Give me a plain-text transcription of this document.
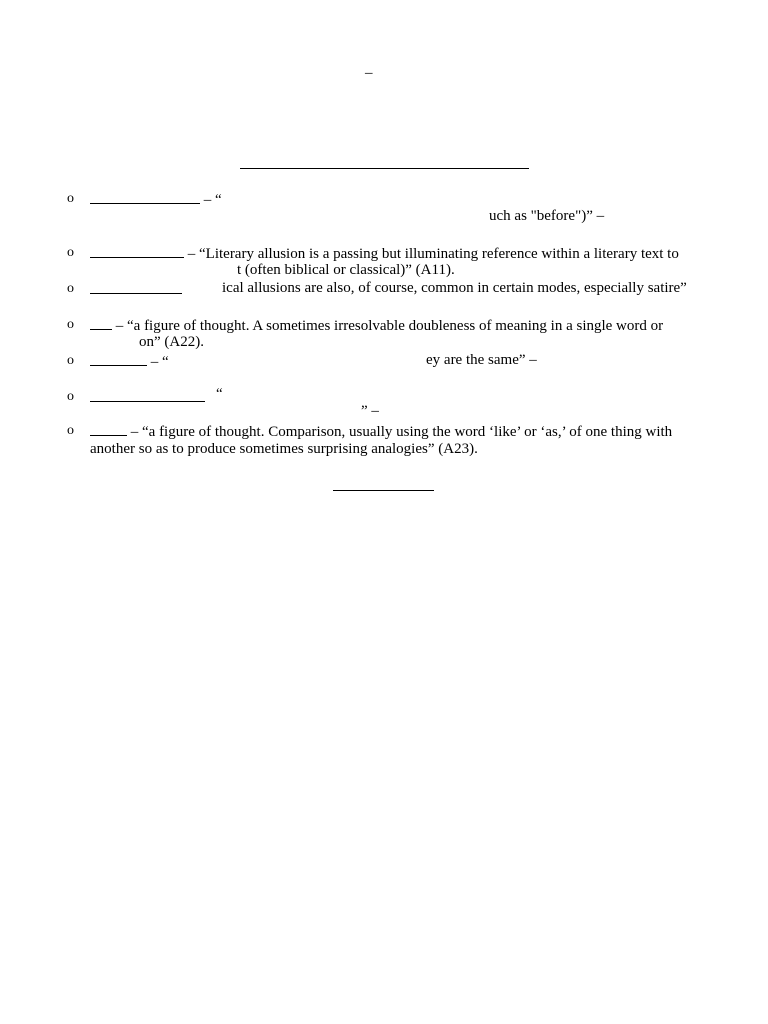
–
o	– “
uch as "before")” –
o	– “Literary allusion is a passing but illuminating reference within a literary text to
t (often biblical or classical)” (A11).
o	ical allusions are also, of course, common in certain modes, especially satire”
o	– “a figure of thought. A sometimes irresolvable doubleness of meaning in a single word or
on” (A22).
o	– “	ey are the same” –
o	“
” –
o	– “a figure of thought. Comparison, usually using the word ‘like’ or ‘as,’ of one thing with
another so as to produce sometimes surprising analogies” (A23).
